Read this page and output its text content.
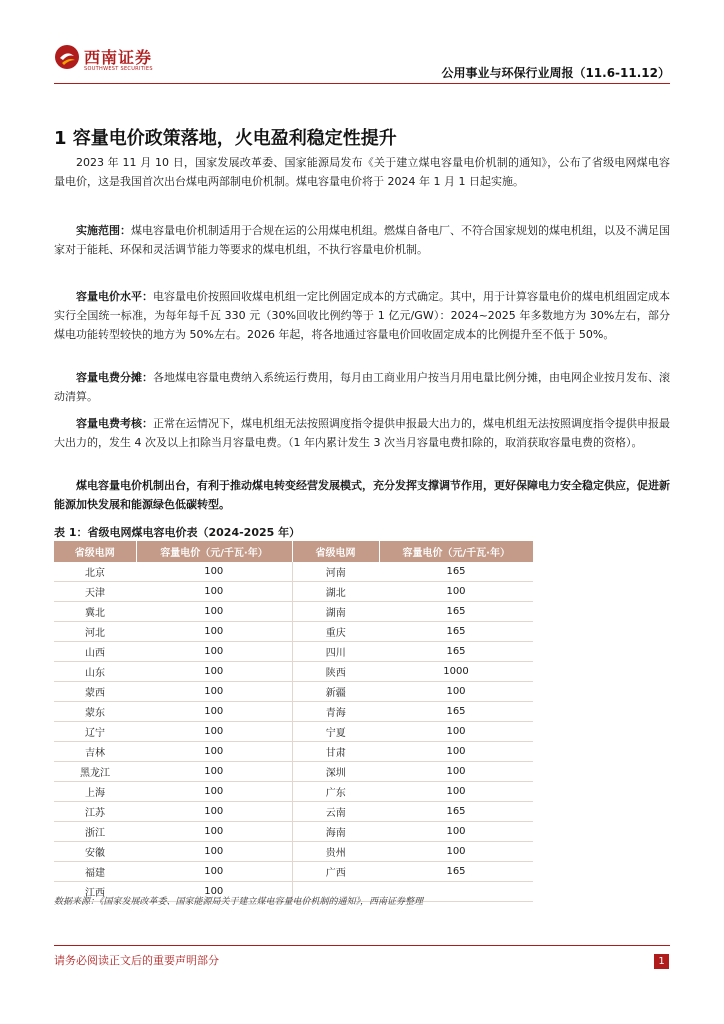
西南证券
SOUTHWEST SECURITIES	公用事业与环保行业周报（11.6-11.12）
1 容量电价政策落地，火电盈利稳定性提升

2023 年 11 月 10 日，国家发展改革委、国家能源局发布《关于建立煤电容量电价机制的通知》，公布了省级电网煤电容量电价，这是我国首次出台煤电两部制电价机制。煤电容量电价将于 2024 年 1 月 1 日起实施。

实施范围：煤电容量电价机制适用于合规在运的公用煤电机组。燃煤自备电厂、不符合国家规划的煤电机组，以及不满足国家对于能耗、环保和灵活调节能力等要求的煤电机组，不执行容量电价机制。

容量电价水平：电容量电价按照回收煤电机组一定比例固定成本的方式确定。其中，用于计算容量电价的煤电机组固定成本实行全国统一标准，为每年每千瓦 330 元（30%回收比例约等于 1 亿元/GW）：2024~2025 年多数地方为 30%左右，部分煤电功能转型较快的地方为 50%左右。2026 年起，将各地通过容量电价回收固定成本的比例提升至不低于 50%。

容量电费分摊：各地煤电容量电费纳入系统运行费用，每月由工商业用户按当月用电量比例分摊，由电网企业按月发布、滚动清算。

容量电费考核：正常在运情况下，煤电机组无法按照调度指令提供申报最大出力的，煤电机组无法按照调度指令提供申报最大出力的，发生 4 次及以上扣除当月容量电费。（1 年内累计发生 3 次当月容量电费扣除的，取消获取容量电费的资格）。

煤电容量电价机制出台，有利于推动煤电转变经营发展模式，充分发挥支撑调节作用，更好保障电力安全稳定供应，促进新能源加快发展和能源绿色低碳转型。

表 1：省级电网煤电容电价表（2024-2025 年）
省级电网	容量电价（元/千瓦·年）	省级电网	容量电价（元/千瓦·年）
北京	100	河南	165
天津	100	湖北	100
冀北	100	湖南	165
河北	100	重庆	165
山西	100	四川	165
山东	100	陕西	1000
蒙西	100	新疆	100
蒙东	100	青海	165
辽宁	100	宁夏	100
吉林	100	甘肃	100
黑龙江	100	深圳	100
上海	100	广东	100
江苏	100	云南	165
浙江	100	海南	100
安徽	100	贵州	100
福建	100	广西	165
江西	100		
数据来源：《国家发展改革委、国家能源局关于建立煤电容量电价机制的通知》，西南证券整理
请务必阅读正文后的重要声明部分	1
